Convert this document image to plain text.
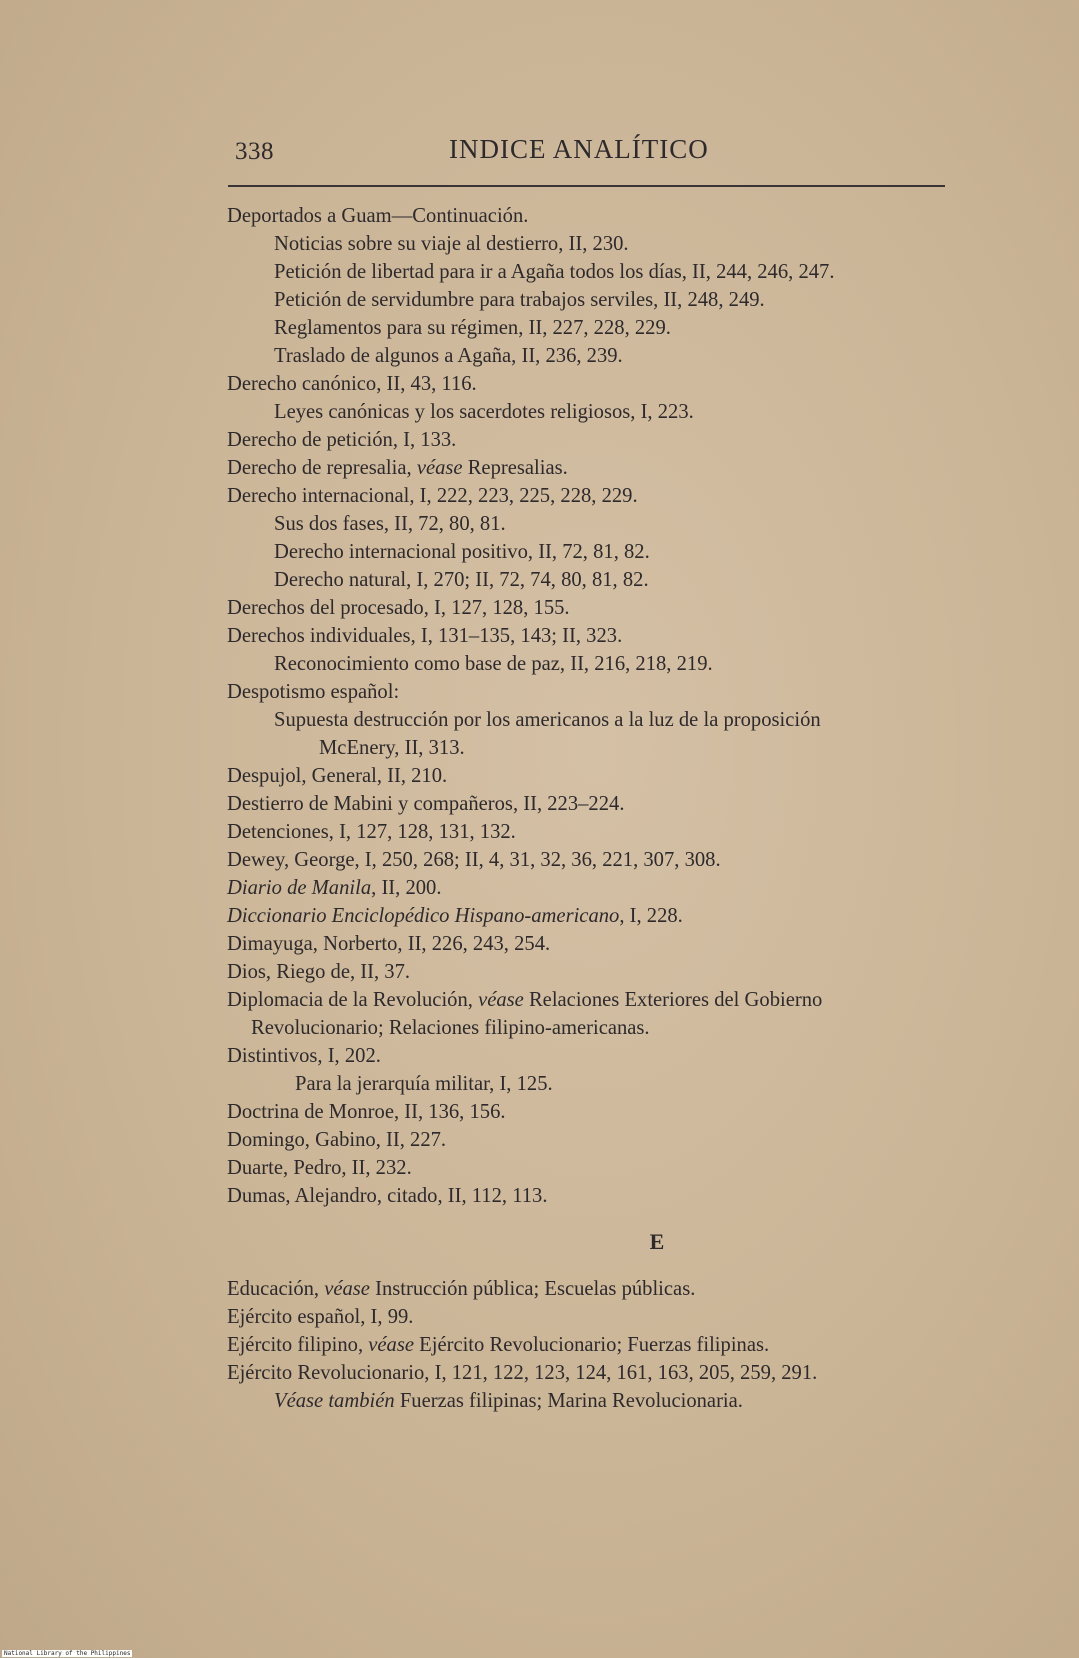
338	INDICE ANALÍTICO
Deportados a Guam—Continuación.
Noticias sobre su viaje al destierro, II, 230.
Petición de libertad para ir a Agaña todos los días, II, 244, 246, 247.
Petición de servidumbre para trabajos serviles, II, 248, 249.
Reglamentos para su régimen, II, 227, 228, 229.
Traslado de algunos a Agaña, II, 236, 239.
Derecho canónico, II, 43, 116.
Leyes canónicas y los sacerdotes religiosos, I, 223.
Derecho de petición, I, 133.
Derecho de represalia, véase Represalias.
Derecho internacional, I, 222, 223, 225, 228, 229.
Sus dos fases, II, 72, 80, 81.
Derecho internacional positivo, II, 72, 81, 82.
Derecho natural, I, 270; II, 72, 74, 80, 81, 82.
Derechos del procesado, I, 127, 128, 155.
Derechos individuales, I, 131–135, 143; II, 323.
Reconocimiento como base de paz, II, 216, 218, 219.
Despotismo español:
Supuesta destrucción por los americanos a la luz de la proposición
McEnery, II, 313.
Despujol, General, II, 210.
Destierro de Mabini y compañeros, II, 223–224.
Detenciones, I, 127, 128, 131, 132.
Dewey, George, I, 250, 268; II, 4, 31, 32, 36, 221, 307, 308.
Diario de Manila, II, 200.
Diccionario Enciclopédico Hispano-americano, I, 228.
Dimayuga, Norberto, II, 226, 243, 254.
Dios, Riego de, II, 37.
Diplomacia de la Revolución, véase Relaciones Exteriores del Gobierno
Revolucionario; Relaciones filipino-americanas.
Distintivos, I, 202.
Para la jerarquía militar, I, 125.
Doctrina de Monroe, II, 136, 156.
Domingo, Gabino, II, 227.
Duarte, Pedro, II, 232.
Dumas, Alejandro, citado, II, 112, 113.
E
Educación, véase Instrucción pública; Escuelas públicas.
Ejército español, I, 99.
Ejército filipino, véase Ejército Revolucionario; Fuerzas filipinas.
Ejército Revolucionario, I, 121, 122, 123, 124, 161, 163, 205, 259, 291.
Véase también Fuerzas filipinas; Marina Revolucionaria.
National Library of the Philippines
